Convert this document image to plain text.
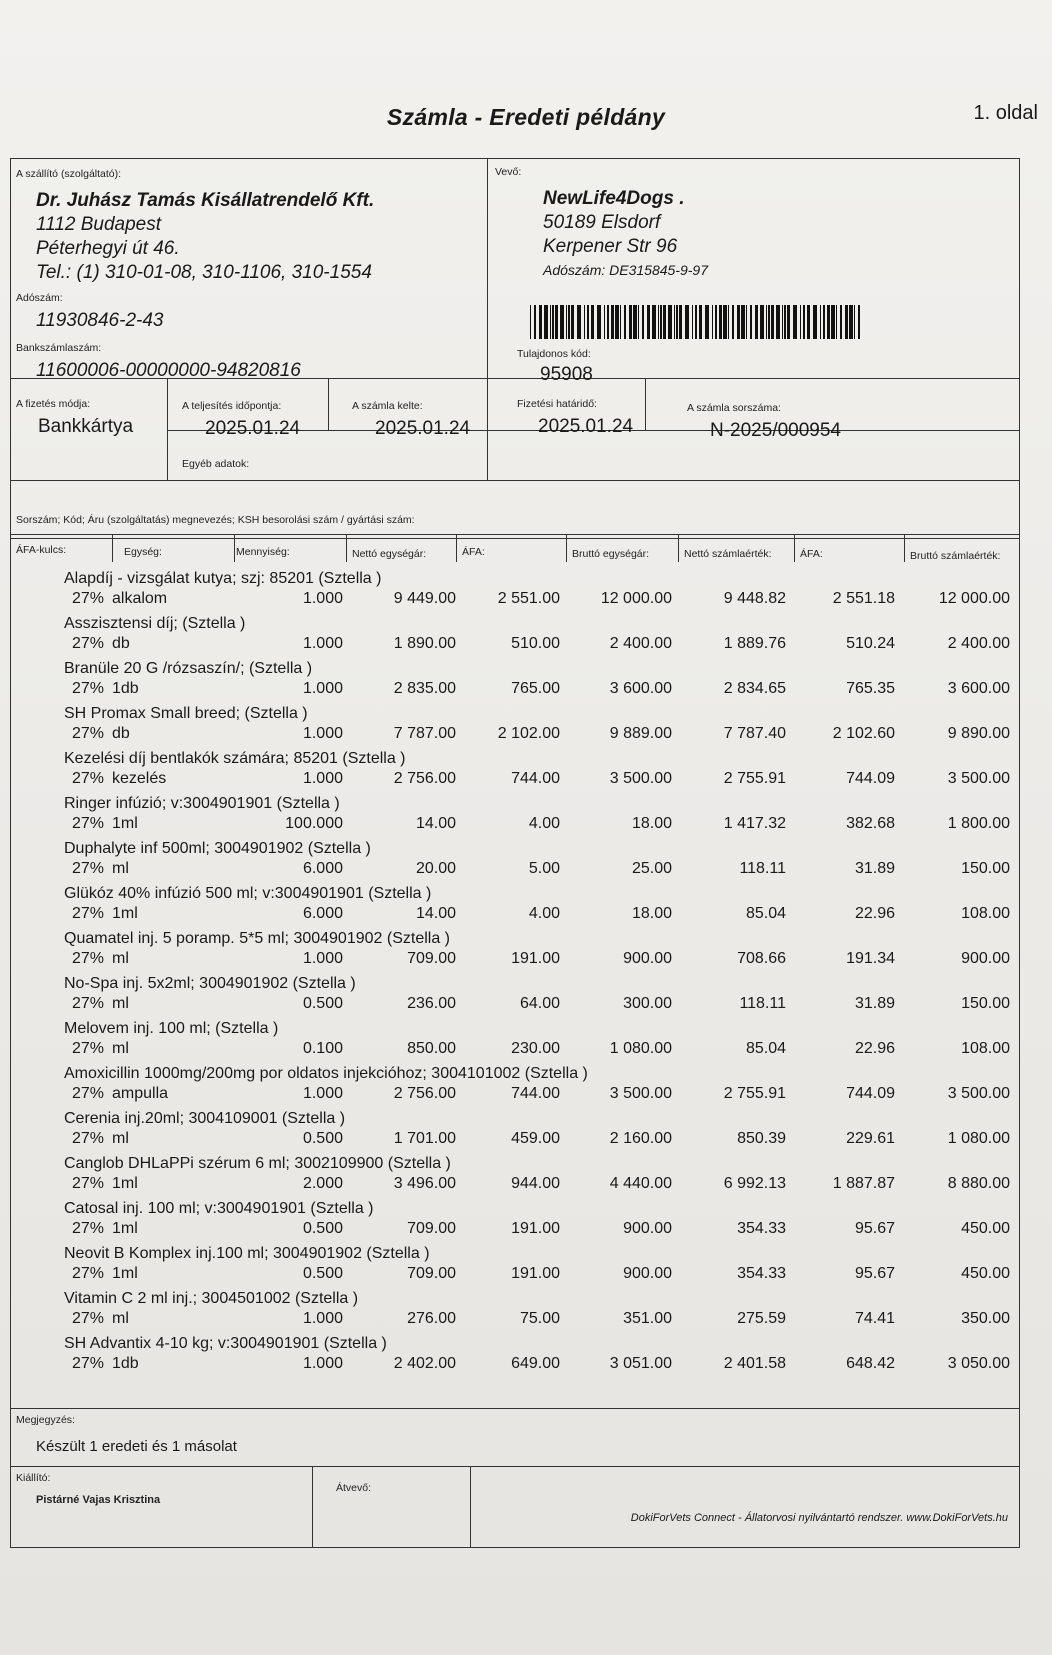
Számla - Eredeti példány	1. oldal
A szállító (szolgáltató):
Dr. Juhász Tamás Kisállatrendelő Kft.
1112 Budapest
Péterhegyi út 46.
Tel.: (1) 310-01-08, 310-1106, 310-1554
Adószám:
11930846-2-43
Bankszámlaszám:
11600006-00000000-94820816
Vevő:
NewLife4Dogs .
50189 Elsdorf
Kerpener Str 96
Adószám: DE315845-9-97
Tulajdonos kód:
95908
A fizetés módja:
Bankkártya
A teljesítés időpontja:
2025.01.24
A számla kelte:
2025.01.24
Fizetési határidő:
2025.01.24
A számla sorszáma:
N-2025/000954
Egyéb adatok:
Sorszám; Kód; Áru (szolgáltatás) megnevezés; KSH besorolási szám / gyártási szám:
ÁFA-kulcs:	Egység:	Mennyiség:	Nettó egységár:	ÁFA:	Bruttó egységár:	Nettó számlaérték:	ÁFA:	Bruttó számlaérték:
Alapdíj - vizsgálat kutya; szj: 85201 (Sztella )
27% alkalom	1.000	9 449.00	2 551.00	12 000.00	9 448.82	2 551.18	12 000.00
Asszisztensi díj; (Sztella )
27% db	1.000	1 890.00	510.00	2 400.00	1 889.76	510.24	2 400.00
Branüle 20 G /rózsaszín/; (Sztella )
27% 1db	1.000	2 835.00	765.00	3 600.00	2 834.65	765.35	3 600.00
SH Promax Small breed; (Sztella )
27% db	1.000	7 787.00	2 102.00	9 889.00	7 787.40	2 102.60	9 890.00
Kezelési díj bentlakók számára; 85201 (Sztella )
27% kezelés	1.000	2 756.00	744.00	3 500.00	2 755.91	744.09	3 500.00
Ringer infúzió; v:3004901901 (Sztella )
27% 1ml	100.000	14.00	4.00	18.00	1 417.32	382.68	1 800.00
Duphalyte inf 500ml; 3004901902 (Sztella )
27% ml	6.000	20.00	5.00	25.00	118.11	31.89	150.00
Glükóz 40% infúzió 500 ml; v:3004901901 (Sztella )
27% 1ml	6.000	14.00	4.00	18.00	85.04	22.96	108.00
Quamatel inj. 5 poramp. 5*5 ml; 3004901902 (Sztella )
27% ml	1.000	709.00	191.00	900.00	708.66	191.34	900.00
No-Spa inj. 5x2ml; 3004901902 (Sztella )
27% ml	0.500	236.00	64.00	300.00	118.11	31.89	150.00
Melovem inj. 100 ml; (Sztella )
27% ml	0.100	850.00	230.00	1 080.00	85.04	22.96	108.00
Amoxicillin 1000mg/200mg por oldatos injekcióhoz; 3004101002 (Sztella )
27% ampulla	1.000	2 756.00	744.00	3 500.00	2 755.91	744.09	3 500.00
Cerenia inj.20ml; 3004109001 (Sztella )
27% ml	0.500	1 701.00	459.00	2 160.00	850.39	229.61	1 080.00
Canglob DHLaPPi szérum 6 ml; 3002109900 (Sztella )
27% 1ml	2.000	3 496.00	944.00	4 440.00	6 992.13	1 887.87	8 880.00
Catosal inj. 100 ml; v:3004901901 (Sztella )
27% 1ml	0.500	709.00	191.00	900.00	354.33	95.67	450.00
Neovit B Komplex inj.100 ml; 3004901902 (Sztella )
27% 1ml	0.500	709.00	191.00	900.00	354.33	95.67	450.00
Vitamin C 2 ml inj.; 3004501002 (Sztella )
27% ml	1.000	276.00	75.00	351.00	275.59	74.41	350.00
SH Advantix 4-10 kg; v:3004901901 (Sztella )
27% 1db	1.000	2 402.00	649.00	3 051.00	2 401.58	648.42	3 050.00
Megjegyzés:
Készült 1 eredeti és 1 másolat
Kiállító:
Pistárné Vajas Krisztina
Átvevő:
DokiForVets Connect - Állatorvosi nyilvántartó rendszer. www.DokiForVets.hu
